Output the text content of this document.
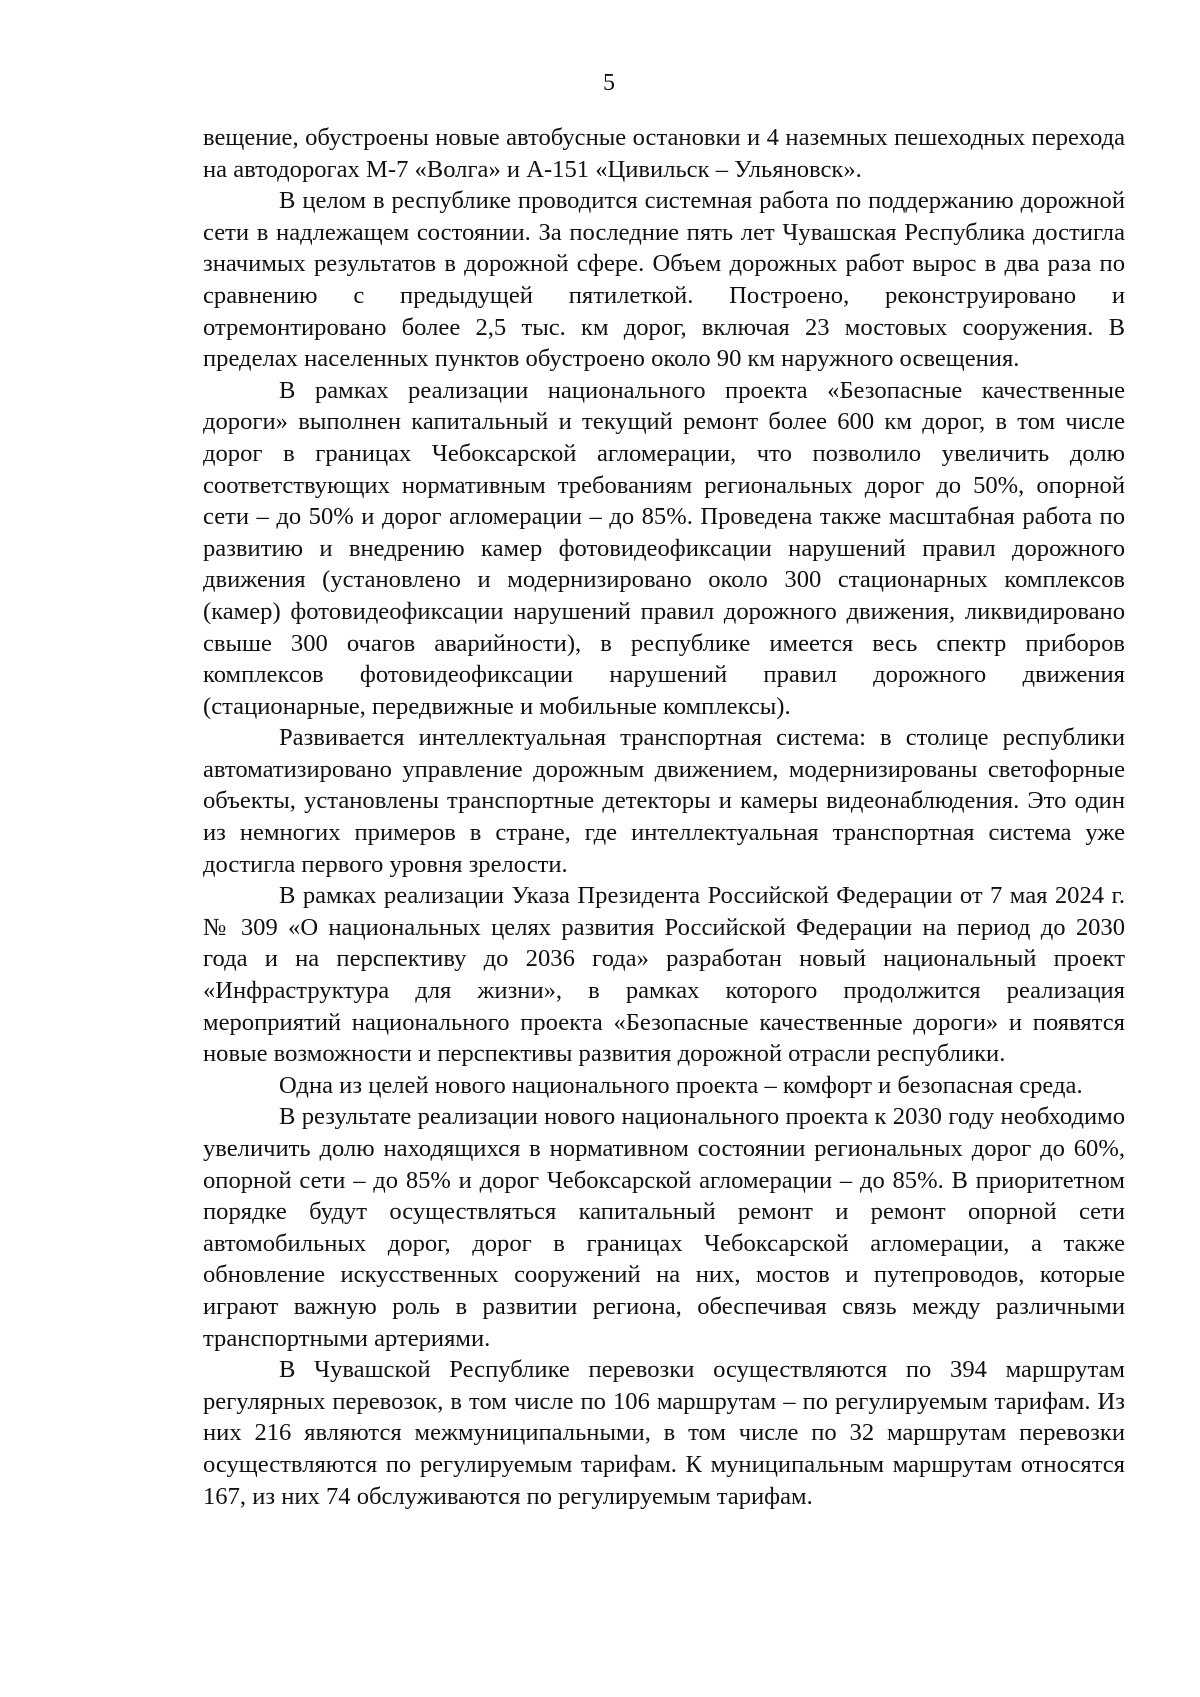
5

вещение, обустроены новые автобусные остановки и 4 наземных пешеходных перехода на автодорогах М-7 «Волга» и А-151 «Цивильск – Ульяновск».

В целом в республике проводится системная работа по поддержанию дорожной сети в надлежащем состоянии. За последние пять лет Чувашская Республика достигла значимых результатов в дорожной сфере. Объем дорожных работ вырос в два раза по сравнению с предыдущей пятилеткой. Построено, реконструировано и отремонтировано более 2,5 тыс. км дорог, включая 23 мостовых сооружения. В пределах населенных пунктов обустроено около 90 км наружного освещения.

В рамках реализации национального проекта «Безопасные качественные дороги» выполнен капитальный и текущий ремонт более 600 км дорог, в том числе дорог в границах Чебоксарской агломерации, что позволило увеличить долю соответствующих нормативным требованиям региональных дорог до 50%, опорной сети – до 50% и дорог агломерации – до 85%. Проведена также масштабная работа по развитию и внедрению камер фотовидеофиксации нарушений правил дорожного движения (установлено и модернизировано около 300 стационарных комплексов (камер) фотовидеофиксации нарушений правил дорожного движения, ликвидировано свыше 300 очагов аварийности), в республике имеется весь спектр приборов комплексов фотовидеофиксации нарушений правил дорожного движения (стационарные, передвижные и мобильные комплексы).

Развивается интеллектуальная транспортная система: в столице республики автоматизировано управление дорожным движением, модернизированы светофорные объекты, установлены транспортные детекторы и камеры видеонаблюдения. Это один из немногих примеров в стране, где интеллектуальная транспортная система уже достигла первого уровня зрелости.

В рамках реализации Указа Президента Российской Федерации от 7 мая 2024 г. № 309 «О национальных целях развития Российской Федерации на период до 2030 года и на перспективу до 2036 года» разработан новый национальный проект «Инфраструктура для жизни», в рамках которого продолжится реализация мероприятий национального проекта «Безопасные качественные дороги» и появятся новые возможности и перспективы развития дорожной отрасли республики.

Одна из целей нового национального проекта – комфорт и безопасная среда.

В результате реализации нового национального проекта к 2030 году необходимо увеличить долю находящихся в нормативном состоянии региональных дорог до 60%, опорной сети – до 85% и дорог Чебоксарской агломерации – до 85%. В приоритетном порядке будут осуществляться капитальный ремонт и ремонт опорной сети автомобильных дорог, дорог в границах Чебоксарской агломерации, а также обновление искусственных сооружений на них, мостов и путепроводов, которые играют важную роль в развитии региона, обеспечивая связь между различными транспортными артериями.

В Чувашской Республике перевозки осуществляются по 394 маршрутам регулярных перевозок, в том числе по 106 маршрутам – по регулируемым тарифам. Из них 216 являются межмуниципальными, в том числе по 32 маршрутам перевозки осуществляются по регулируемым тарифам. К муниципальным маршрутам относятся 167, из них 74 обслуживаются по регулируемым тарифам.
